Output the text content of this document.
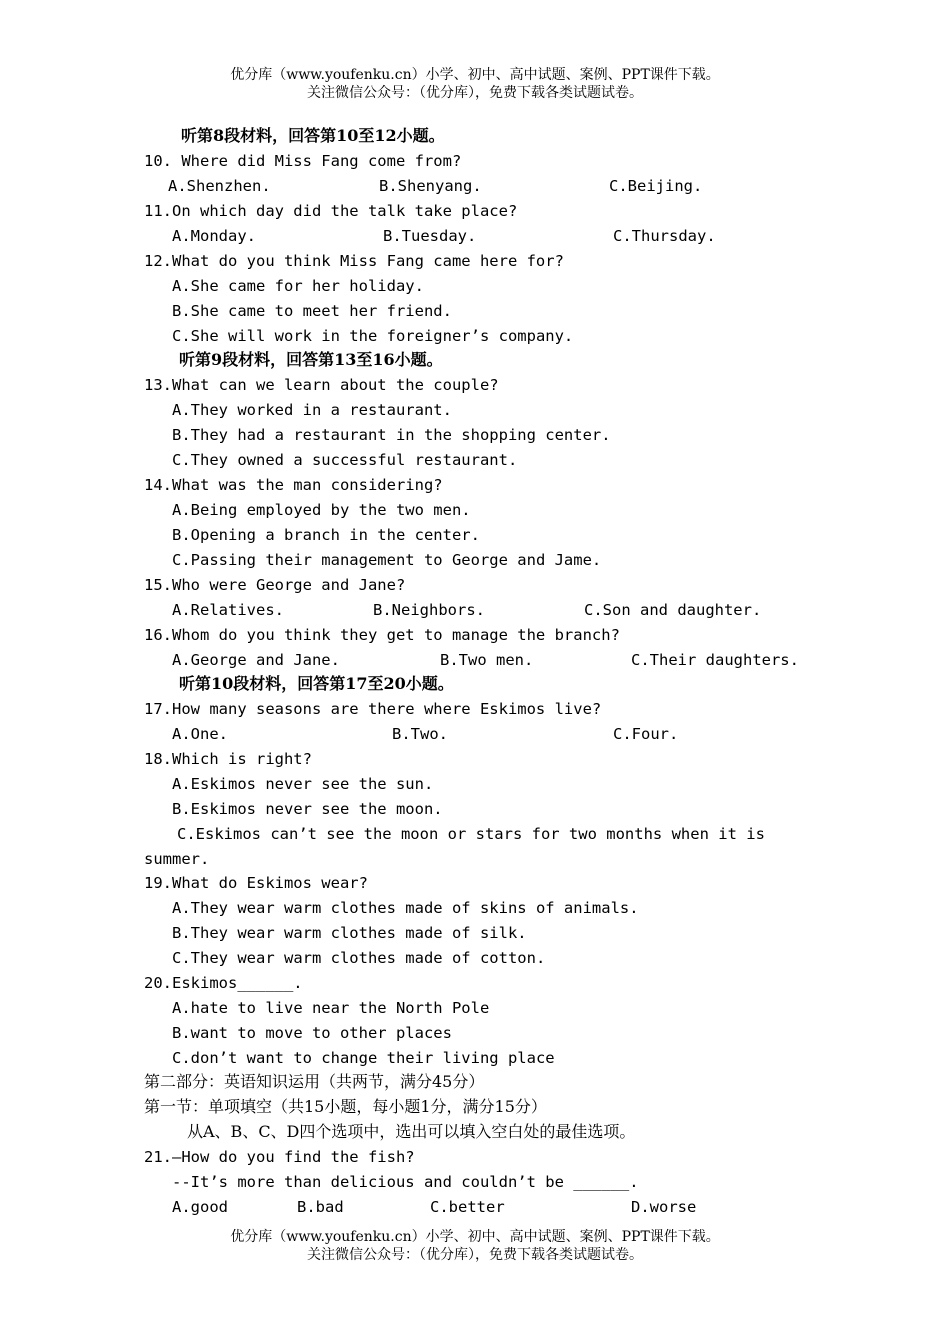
优分库（www.youfenku.cn）小学、初中、高中试题、案例、PPT课件下载。
关注微信公众号：（优分库），免费下载各类试题试卷。
听第8段材料，回答第10至12小题。
10. Where did Miss Fang come from?
A.Shenzhen.	B.Shenyang.	C.Beijing.
11.On which day did the talk take place?
A.Monday.	B.Tuesday.	C.Thursday.
12.What do you think Miss Fang came here for?
A.She came for her holiday.
B.She came to meet her friend.
C.She will work in the foreigner’s company.
听第9段材料，回答第13至16小题。
13.What can we learn about the couple?
A.They worked in a restaurant.
B.They had a restaurant in the shopping center.
C.They owned a successful restaurant.
14.What was the man considering?
A.Being employed by the two men.
B.Opening a branch in the center.
C.Passing their management to George and Jame.
15.Who were George and Jane?
A.Relatives.	B.Neighbors.	C.Son and daughter.
16.Whom do you think they get to manage the branch?
A.George and Jane.	B.Two men.	C.Their daughters.
听第10段材料，回答第17至20小题。
17.How many seasons are there where Eskimos live?
A.One.	B.Two.	C.Four.
18.Which is right?
A.Eskimos never see the sun.
B.Eskimos never see the moon.
C.Eskimos can’t see the moon or stars for two months when it is
summer.
19.What do Eskimos wear?
A.They wear warm clothes made of skins of animals.
B.They wear warm clothes made of silk.
C.They wear warm clothes made of cotton.
20.Eskimos______.
A.hate to live near the North Pole
B.want to move to other places
C.don’t want to change their living place
第二部分：英语知识运用（共两节，满分45分）
第一节：单项填空（共15小题，每小题1分，满分15分）
从A、B、C、D四个选项中，选出可以填入空白处的最佳选项。
21.—How do you find the fish?
--It’s more than delicious and couldn’t be ______.
A.good	B.bad	C.better	D.worse
优分库（www.youfenku.cn）小学、初中、高中试题、案例、PPT课件下载。
关注微信公众号：（优分库），免费下载各类试题试卷。
